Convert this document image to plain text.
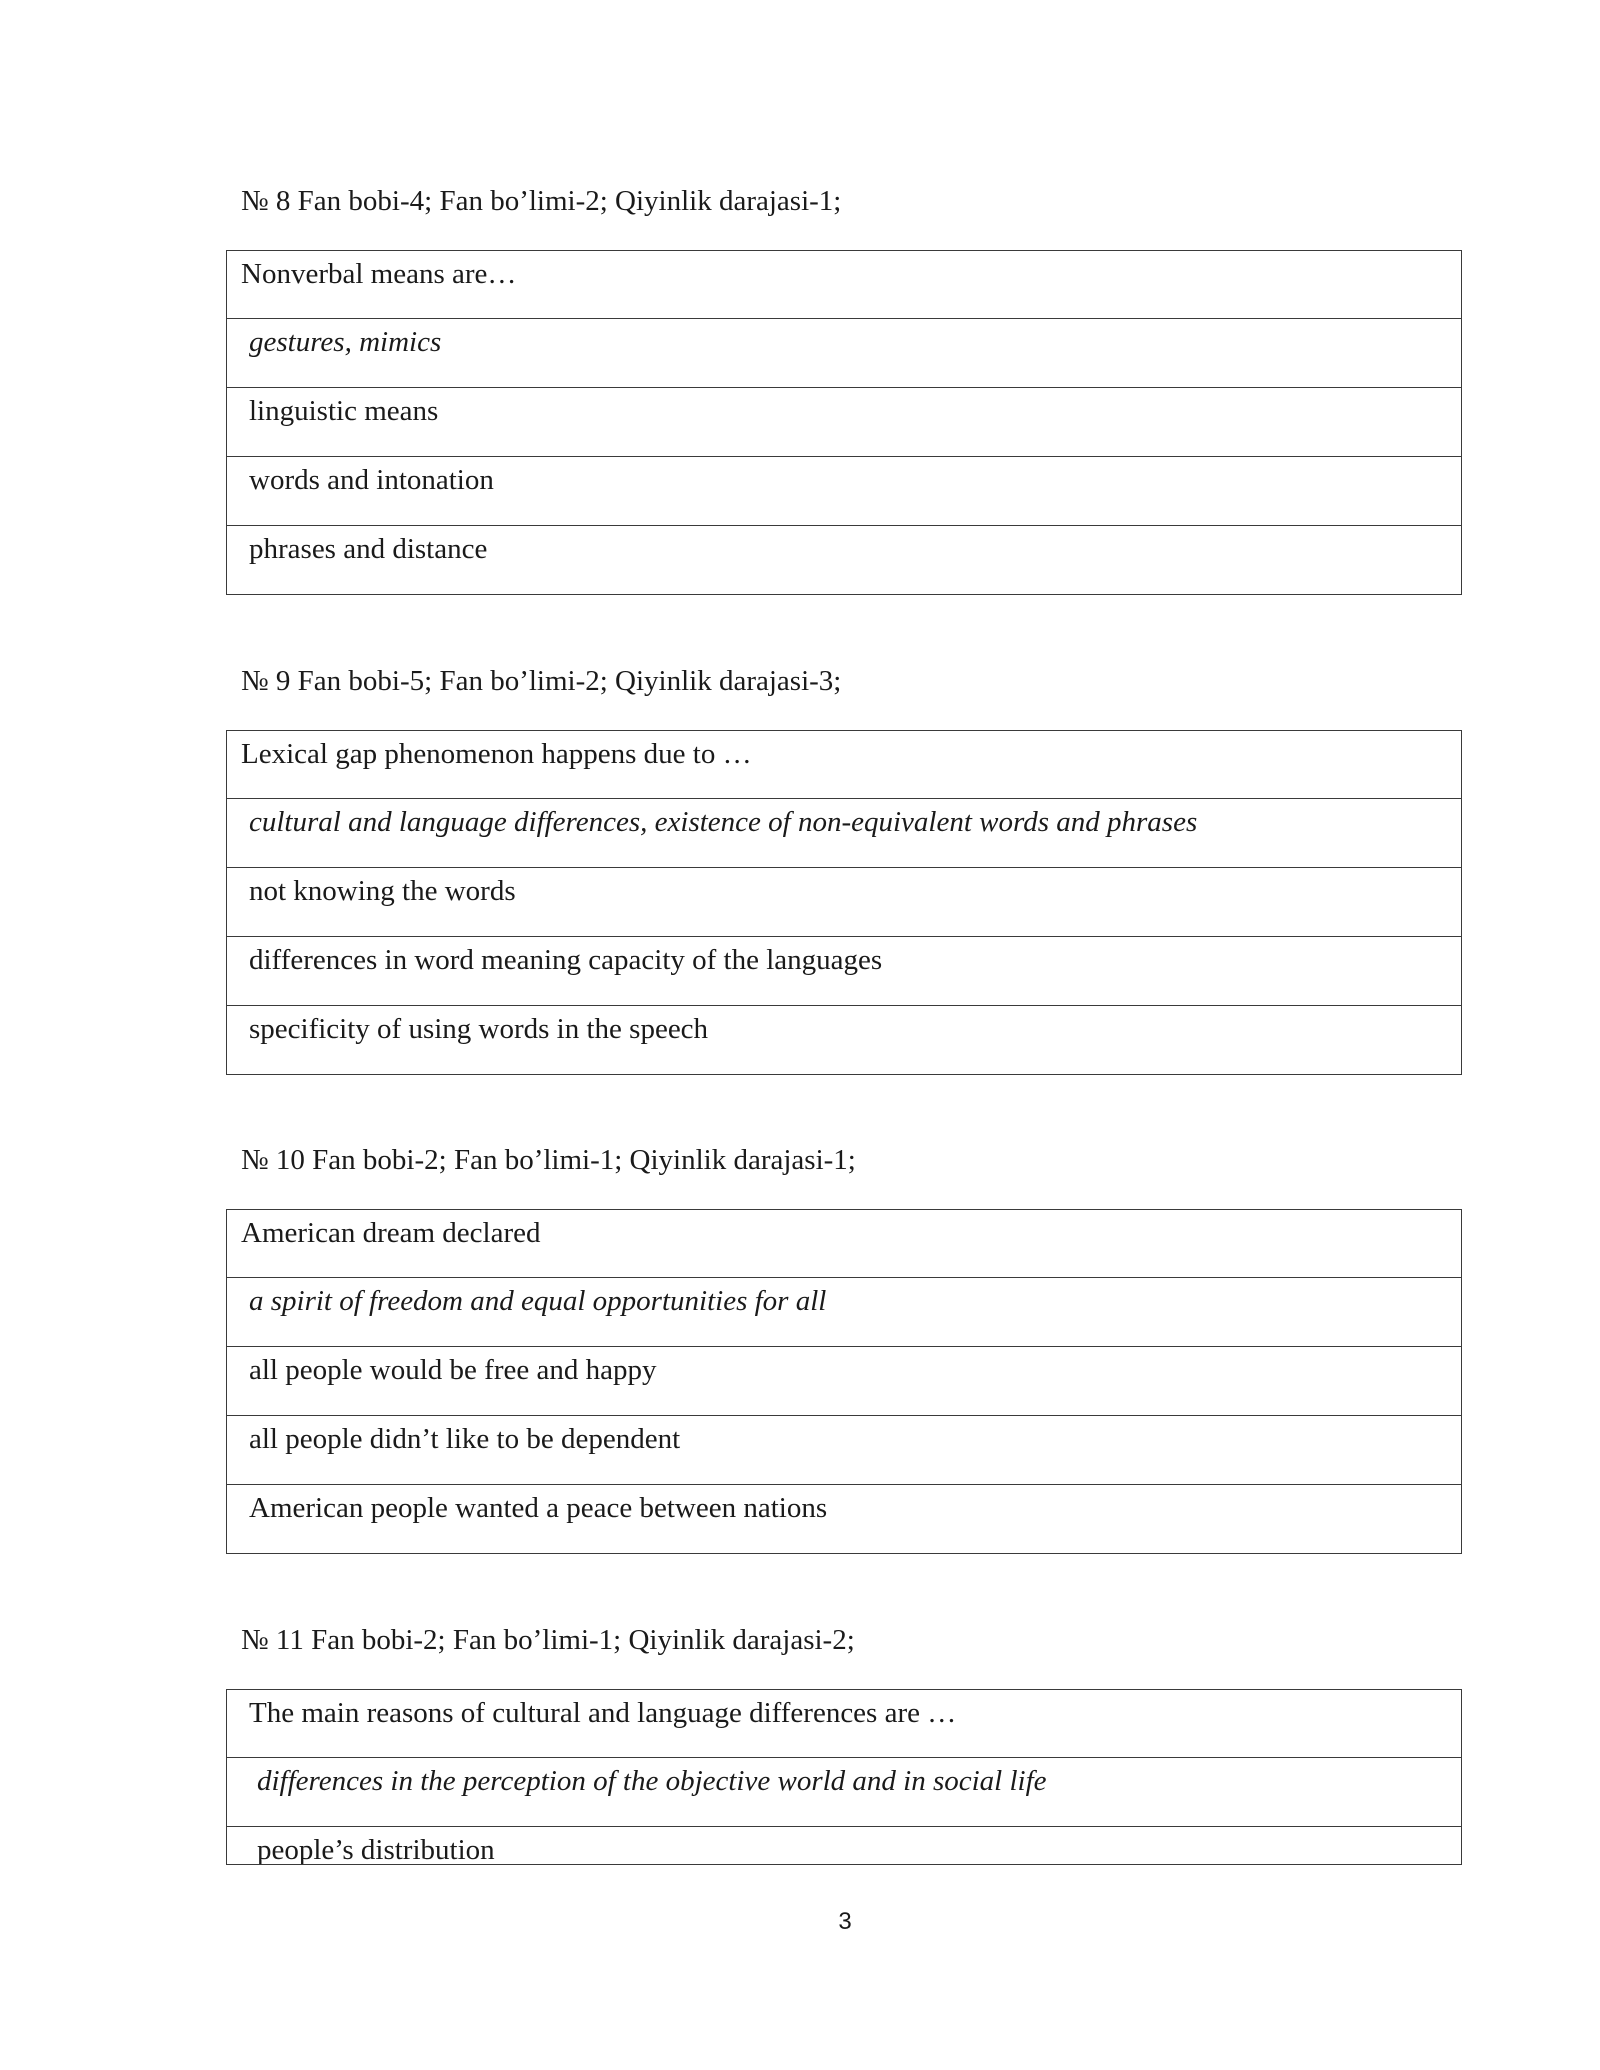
№ 8 Fan bobi-4; Fan bo’limi-2; Qiyinlik darajasi-1;
Nonverbal means are…
gestures, mimics
linguistic means
words and intonation
phrases and distance
№ 9 Fan bobi-5; Fan bo’limi-2; Qiyinlik darajasi-3;
Lexical gap phenomenon happens due to …
cultural and language differences, existence of non-equivalent words and phrases
not knowing the words
differences in word meaning capacity of the languages
specificity of using words in the speech
№ 10 Fan bobi-2; Fan bo’limi-1; Qiyinlik darajasi-1;
American dream declared
a spirit of freedom and equal opportunities for all
all people would be free and happy
all people didn’t like to be dependent
American people wanted a peace between nations
№ 11 Fan bobi-2; Fan bo’limi-1; Qiyinlik darajasi-2;
The main reasons of cultural and language differences are …
differences in the perception of the objective world and in social life
people’s distribution
3
